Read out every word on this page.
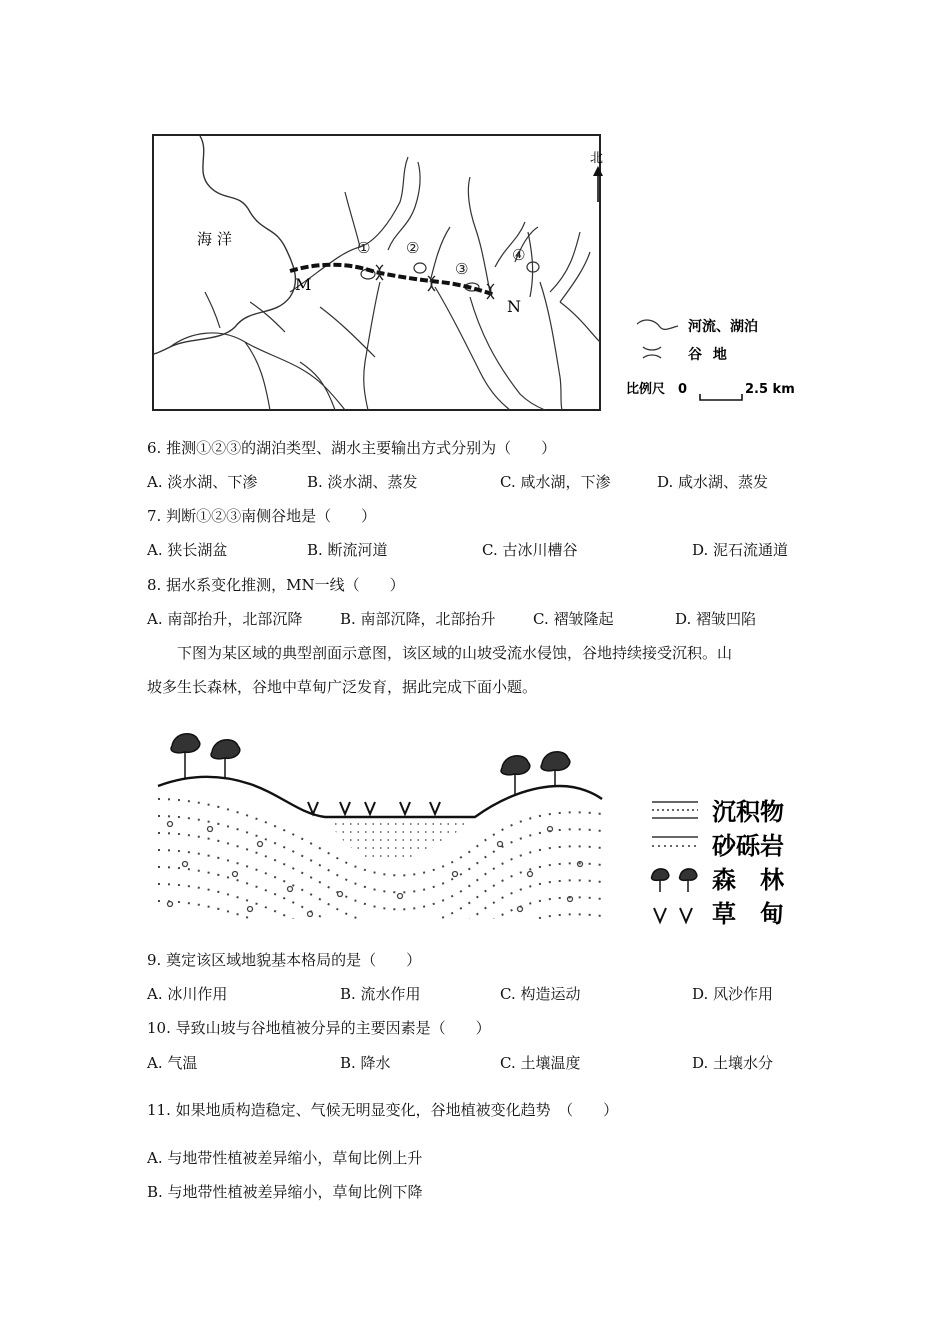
① ②
③
④
海洋
M
N
北
河流、湖泊
谷 地
比例尺 0	2.5 km
6. 推测①②③的湖泊类型、湖水主要输出方式分别为（　　）
A. 淡水湖、下渗	B. 淡水湖、蒸发	C. 咸水湖，下渗	D. 咸水湖、蒸发
7. 判断①②③南侧谷地是（　　）
A. 狭长湖盆	B. 断流河道	C. 古冰川槽谷	D. 泥石流通道
8. 据水系变化推测，MN一线（　　）
A. 南部抬升，北部沉降	B. 南部沉降，北部抬升 C. 褶皱隆起	D. 褶皱凹陷
下图为某区域的典型剖面示意图，该区域的山坡受流水侵蚀，谷地持续接受沉积。山
坡多生长森林，谷地中草甸广泛发育，据此完成下面小题。
沉积物
砂砾岩
森　林
草　甸
9. 奠定该区域地貌基本格局的是（　　）
A. 冰川作用	B. 流水作用	C. 构造运动	D. 风沙作用
10. 导致山坡与谷地植被分异的主要因素是（　　）
A. 气温	B. 降水	C. 土壤温度	D. 土壤水分
11. 如果地质构造稳定、气候无明显变化，谷地植被变化趋势　（　　）
A. 与地带性植被差异缩小，草甸比例上升
B. 与地带性植被差异缩小，草甸比例下降
